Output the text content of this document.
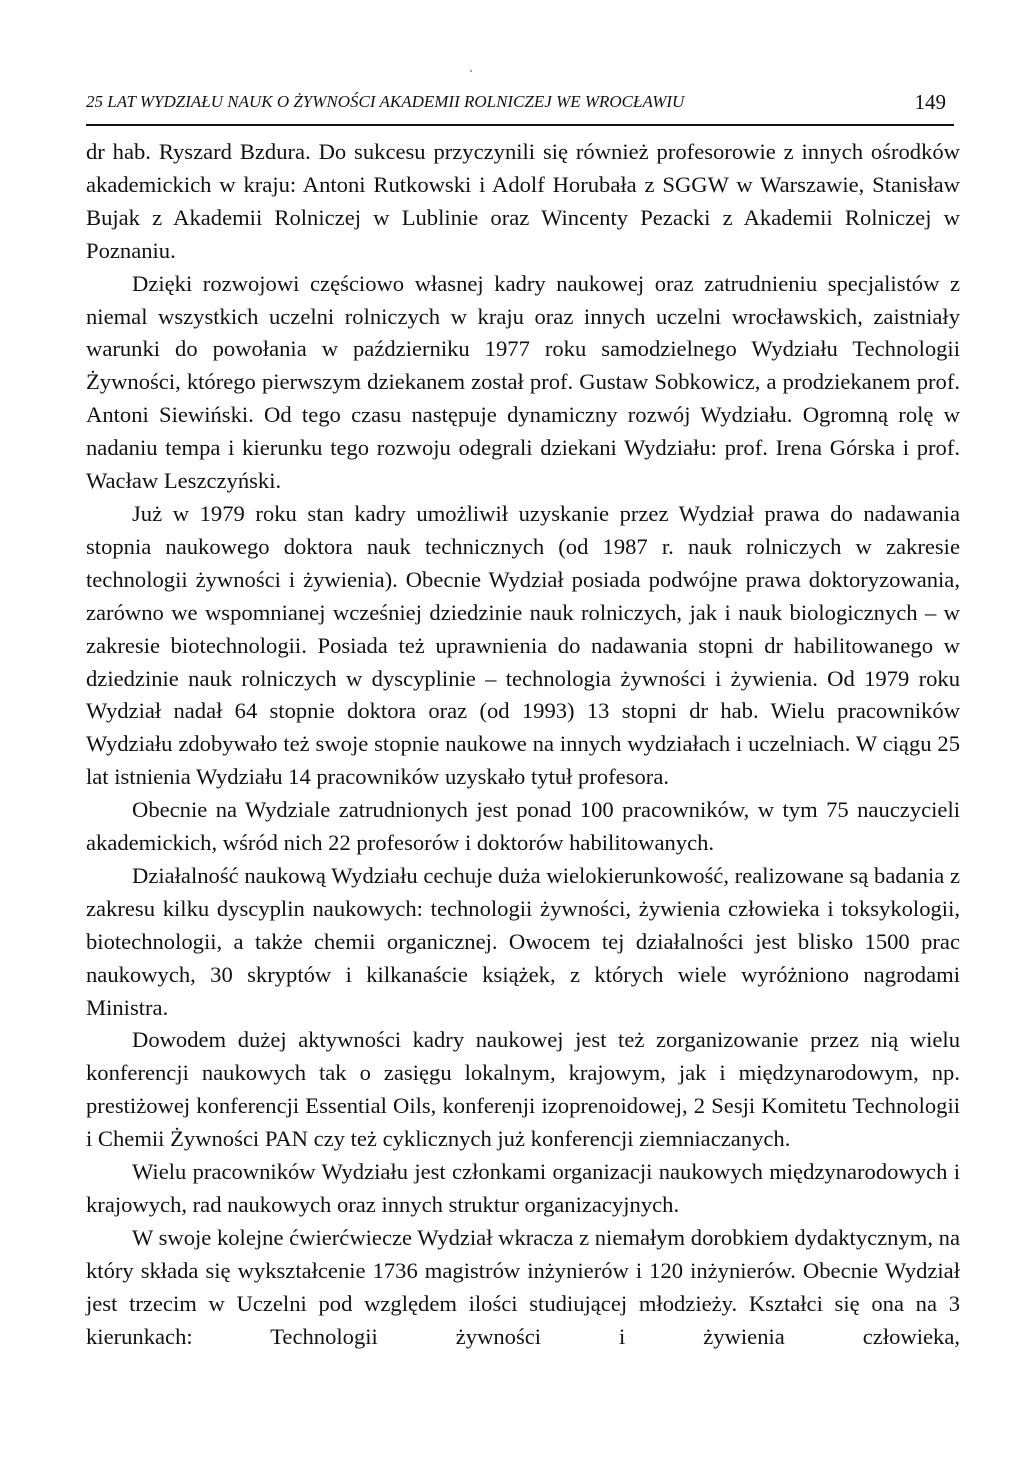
25 LAT WYDZIAŁU NAUK O ŻYWNOŚCI AKADEMII ROLNICZEJ WE WROCŁAWIU	149

dr hab. Ryszard Bzdura. Do sukcesu przyczynili się również profesorowie z innych ośrodków akademickich w kraju: Antoni Rutkowski i Adolf Horubała z SGGW w Warszawie, Stanisław Bujak z Akademii Rolniczej w Lublinie oraz Wincenty Pezacki z Akademii Rolniczej w Poznaniu.

Dzięki rozwojowi częściowo własnej kadry naukowej oraz zatrudnieniu specjalistów z niemal wszystkich uczelni rolniczych w kraju oraz innych uczelni wrocławskich, zaistniały warunki do powołania w październiku 1977 roku samodzielnego Wydziału Technologii Żywności, którego pierwszym dziekanem został prof. Gustaw Sobkowicz, a prodziekanem prof. Antoni Siewiński. Od tego czasu następuje dynamiczny rozwój Wydziału. Ogromną rolę w nadaniu tempa i kierunku tego rozwoju odegrali dziekani Wydziału: prof. Irena Górska i prof. Wacław Leszczyński.

Już w 1979 roku stan kadry umożliwił uzyskanie przez Wydział prawa do nadawania stopnia naukowego doktora nauk technicznych (od 1987 r. nauk rolniczych w zakresie technologii żywności i żywienia). Obecnie Wydział posiada podwójne prawa doktoryzowania, zarówno we wspomnianej wcześniej dziedzinie nauk rolniczych, jak i nauk biologicznych – w zakresie biotechnologii. Posiada też uprawnienia do nadawania stopni dr habilitowanego w dziedzinie nauk rolniczych w dyscyplinie – technologia żywności i żywienia. Od 1979 roku Wydział nadał 64 stopnie doktora oraz (od 1993) 13 stopni dr hab. Wielu pracowników Wydziału zdobywało też swoje stopnie naukowe na innych wydziałach i uczelniach. W ciągu 25 lat istnienia Wydziału 14 pracowników uzyskało tytuł profesora.

Obecnie na Wydziale zatrudnionych jest ponad 100 pracowników, w tym 75 nauczycieli akademickich, wśród nich 22 profesorów i doktorów habilitowanych.

Działalność naukową Wydziału cechuje duża wielokierunkowość, realizowane są badania z zakresu kilku dyscyplin naukowych: technologii żywności, żywienia człowieka i toksykologii, biotechnologii, a także chemii organicznej. Owocem tej działalności jest blisko 1500 prac naukowych, 30 skryptów i kilkanaście książek, z których wiele wyróżniono nagrodami Ministra.

Dowodem dużej aktywności kadry naukowej jest też zorganizowanie przez nią wielu konferencji naukowych tak o zasięgu lokalnym, krajowym, jak i międzynarodowym, np. prestiżowej konferencji Essential Oils, konferenji izoprenoidowej, 2 Sesji Komitetu Technologii i Chemii Żywności PAN czy też cyklicznych już konferencji ziemniaczanych.

Wielu pracowników Wydziału jest członkami organizacji naukowych międzynarodowych i krajowych, rad naukowych oraz innych struktur organizacyjnych.

W swoje kolejne ćwierćwiecze Wydział wkracza z niemałym dorobkiem dydaktycznym, na który składa się wykształcenie 1736 magistrów inżynierów i 120 inżynierów. Obecnie Wydział jest trzecim w Uczelni pod względem ilości studiującej młodzieży. Kształci się ona na 3 kierunkach: Technologii żywności i żywienia człowieka,
